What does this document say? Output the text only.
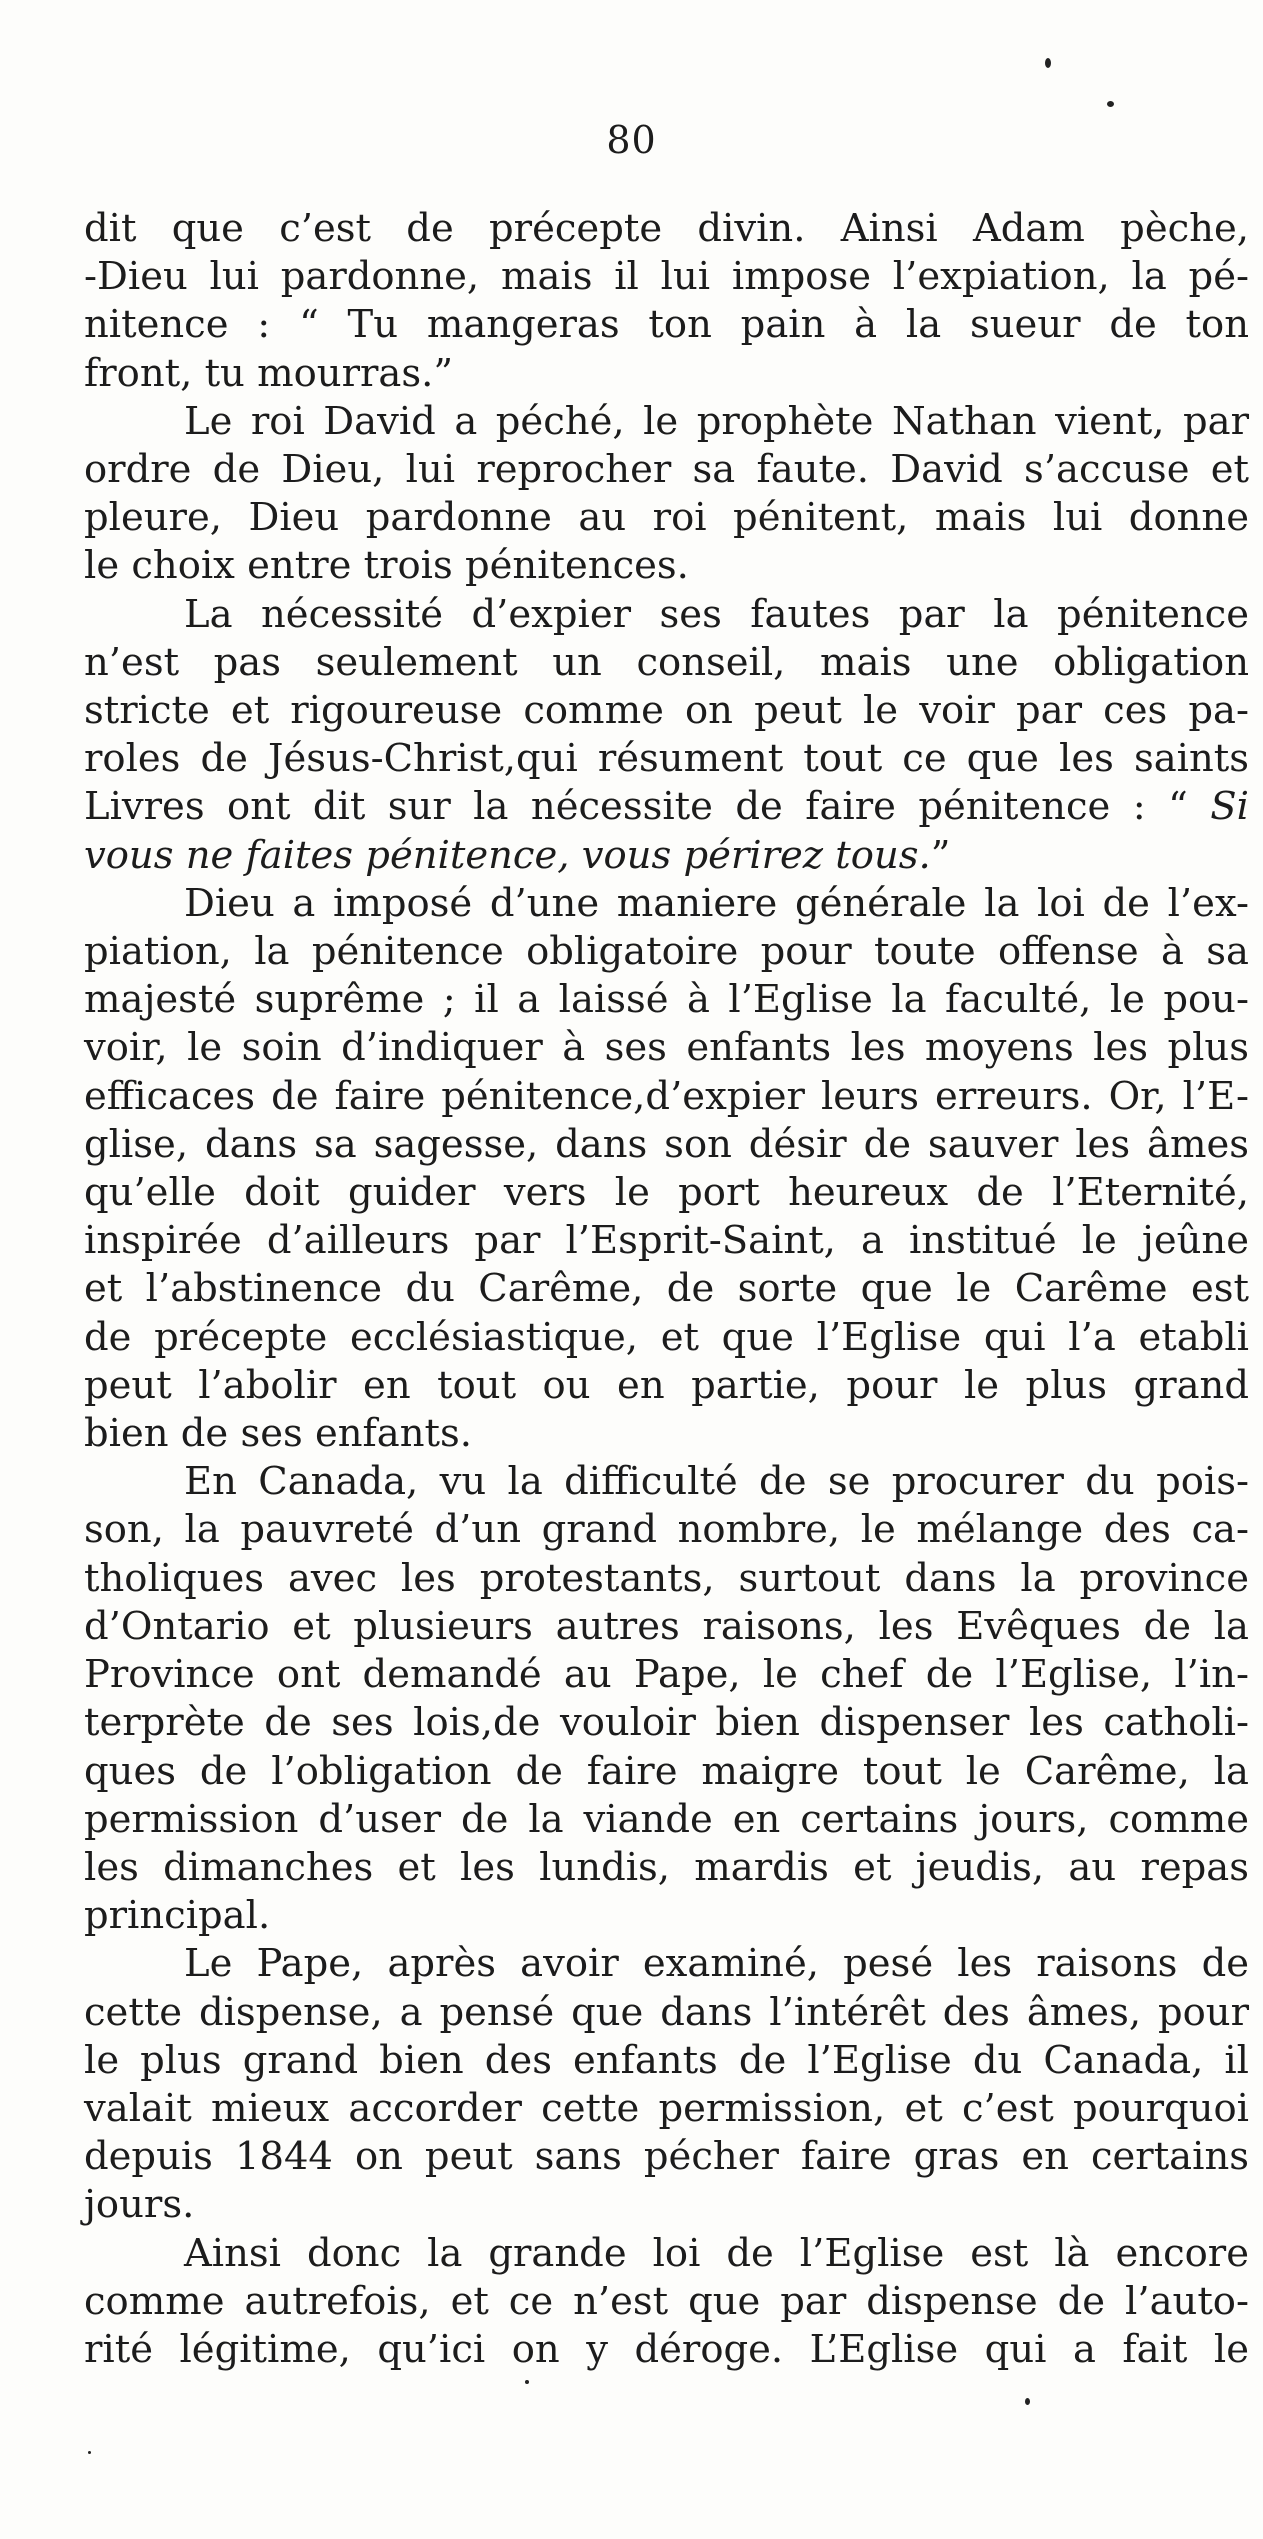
80
dit que c’est de précepte divin. Ainsi Adam pèche,
-Dieu lui pardonne, mais il lui impose l’expiation, la pé-
nitence : “ Tu mangeras ton pain à la sueur de ton
front, tu mourras.”
Le roi David a péché, le prophète Nathan vient, par
ordre de Dieu, lui reprocher sa faute. David s’accuse et
pleure, Dieu pardonne au roi pénitent, mais lui donne
le choix entre trois pénitences.
La nécessité d’expier ses fautes par la pénitence
n’est pas seulement un conseil, mais une obligation
stricte et rigoureuse comme on peut le voir par ces pa-
roles de Jésus-Christ,qui résument tout ce que les saints
Livres ont dit sur la nécessite de faire pénitence : “ Si
vous ne faites pénitence, vous périrez tous.”
Dieu a imposé d’une maniere générale la loi de l’ex-
piation, la pénitence obligatoire pour toute offense à sa
majesté suprême ; il a laissé à l’Eglise la faculté, le pou-
voir, le soin d’indiquer à ses enfants les moyens les plus
efficaces de faire pénitence,d’expier leurs erreurs. Or, l’E-
glise, dans sa sagesse, dans son désir de sauver les âmes
qu’elle doit guider vers le port heureux de l’Eternité,
inspirée d’ailleurs par l’Esprit-Saint, a institué le jeûne
et l’abstinence du Carême, de sorte que le Carême est
de précepte ecclésiastique, et que l’Eglise qui l’a etabli
peut l’abolir en tout ou en partie, pour le plus grand
bien de ses enfants.
En Canada, vu la difficulté de se procurer du pois-
son, la pauvreté d’un grand nombre, le mélange des ca-
tholiques avec les protestants, surtout dans la province
d’Ontario et plusieurs autres raisons, les Evêques de la
Province ont demandé au Pape, le chef de l’Eglise, l’in-
terprète de ses lois,de vouloir bien dispenser les catholi-
ques de l’obligation de faire maigre tout le Carême, la
permission d’user de la viande en certains jours, comme
les dimanches et les lundis, mardis et jeudis, au repas
principal.
Le Pape, après avoir examiné, pesé les raisons de
cette dispense, a pensé que dans l’intérêt des âmes, pour
le plus grand bien des enfants de l’Eglise du Canada, il
valait mieux accorder cette permission, et c’est pourquoi
depuis 1844 on peut sans pécher faire gras en certains
jours.
Ainsi donc la grande loi de l’Eglise est là encore
comme autrefois, et ce n’est que par dispense de l’auto-
rité légitime, qu’ici on y déroge. L’Eglise qui a fait le
